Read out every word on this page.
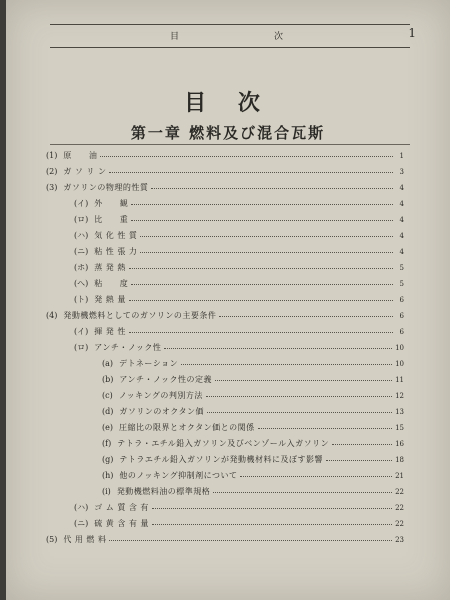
目	次	1
目 次
第一章 燃料及び混合瓦斯
(1) 原　　油	1
(2) ガ ソ リ ン	3
(3) ガソリンの物理的性質	4
(イ) 外　　観	4
(ロ) 比　　重	4
(ハ) 気 化 性 質	4
(ニ) 粘 性 張 力	4
(ホ) 蒸 発 熱	5
(ヘ) 粘　　度	5
(ト) 発 熱 量	6
(4) 発動機燃料としてのガソリンの主要条件	6
(イ) 揮 発 性	6
(ロ) アンチ・ノック性	10
(a) デトネーション	10
(b) アンチ・ノック性の定義	11
(c) ノッキングの判別方法	12
(d) ガソリンのオクタン価	13
(e) 圧縮比の限界とオクタン価との関係	15
(f) テトラ・エチル鉛入ガソリン及びベンゾール入ガソリン	16
(g) テトラエチル鉛入ガソリンが発動機材料に及ぼす影響	18
(h) 他のノッキング抑制剤について	21
(i) 発動機燃料油の標準規格	22
(ハ) ゴ ム 質 含 有	22
(ニ) 硫 黄 含 有 量	22
(5) 代 用 燃 料	23
